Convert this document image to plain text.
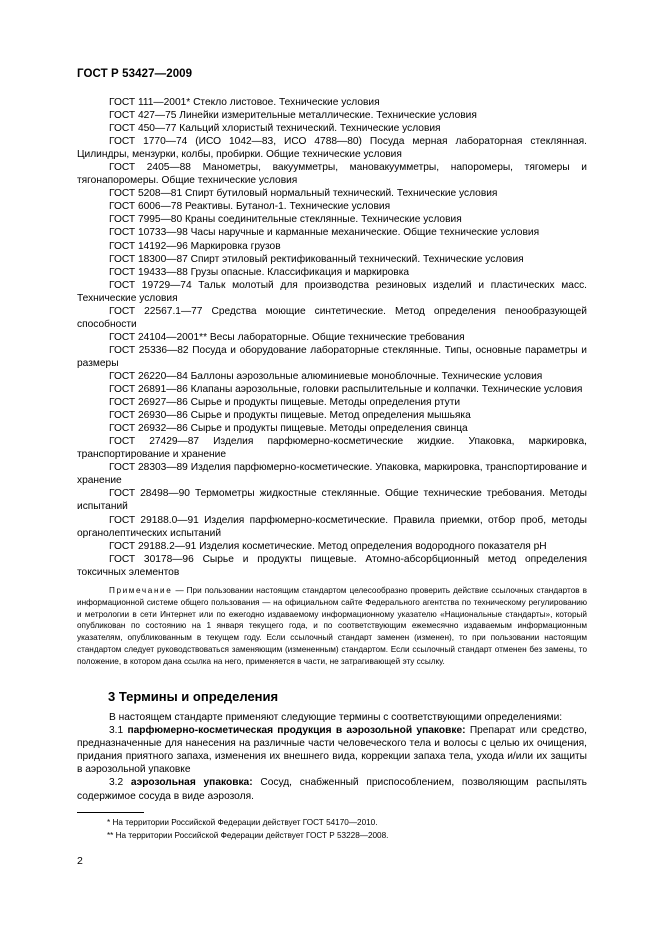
ГОСТ Р 53427—2009

ГОСТ 111—2001* Стекло листовое. Технические условия

ГОСТ 427—75 Линейки измерительные металлические. Технические условия

ГОСТ 450—77 Кальций хлористый технический. Технические условия

ГОСТ 1770—74 (ИСО 1042—83, ИСО 4788—80) Посуда мерная лабораторная стеклянная. Цилиндры, мензурки, колбы, пробирки. Общие технические условия

ГОСТ 2405—88 Манометры, вакуумметры, мановакуумметры, напоромеры, тягомеры и тягонапоромеры. Общие технические условия

ГОСТ 5208—81 Спирт бутиловый нормальный технический. Технические условия

ГОСТ 6006—78 Реактивы. Бутанол-1. Технические условия

ГОСТ 7995—80 Краны соединительные стеклянные. Технические условия

ГОСТ 10733—98 Часы наручные и карманные механические. Общие технические условия

ГОСТ 14192—96 Маркировка грузов

ГОСТ 18300—87 Спирт этиловый ректификованный технический. Технические условия

ГОСТ 19433—88 Грузы опасные. Классификация и маркировка

ГОСТ 19729—74 Тальк молотый для производства резиновых изделий и пластических масс. Технические условия

ГОСТ 22567.1—77 Средства моющие синтетические. Метод определения пенообразующей способности

ГОСТ 24104—2001** Весы лабораторные. Общие технические требования

ГОСТ 25336—82 Посуда и оборудование лабораторные стеклянные. Типы, основные параметры и размеры

ГОСТ 26220—84 Баллоны аэрозольные алюминиевые моноблочные. Технические условия

ГОСТ 26891—86 Клапаны аэрозольные, головки распылительные и колпачки. Технические условия

ГОСТ 26927—86 Сырье и продукты пищевые. Методы определения ртути

ГОСТ 26930—86 Сырье и продукты пищевые. Метод определения мышьяка

ГОСТ 26932—86 Сырье и продукты пищевые. Методы определения свинца

ГОСТ 27429—87 Изделия парфюмерно-косметические жидкие. Упаковка, маркировка, транспортирование и хранение

ГОСТ 28303—89 Изделия парфюмерно-косметические. Упаковка, маркировка, транспортирование и хранение

ГОСТ 28498—90 Термометры жидкостные стеклянные. Общие технические требования. Методы испытаний

ГОСТ 29188.0—91 Изделия парфюмерно-косметические. Правила приемки, отбор проб, методы органолептических испытаний

ГОСТ 29188.2—91 Изделия косметические. Метод определения водородного показателя рН

ГОСТ 30178—96 Сырье и продукты пищевые. Атомно-абсорбционный метод определения токсичных элементов

Примечание — При пользовании настоящим стандартом целесообразно проверить действие ссылочных стандартов в информационной системе общего пользования — на официальном сайте Федерального агентства по техническому регулированию и метрологии в сети Интернет или по ежегодно издаваемому информационному указателю «Национальные стандарты», который опубликован по состоянию на 1 января текущего года, и по соответствующим ежемесячно издаваемым информационным указателям, опубликованным в текущем году. Если ссылочный стандарт заменен (изменен), то при пользовании настоящим стандартом следует руководствоваться заменяющим (измененным) стандартом. Если ссылочный стандарт отменен без замены, то положение, в котором дана ссылка на него, применяется в части, не затрагивающей эту ссылку.

3 Термины и определения

В настоящем стандарте применяют следующие термины с соответствующими определениями:

3.1 парфюмерно-косметическая продукция в аэрозольной упаковке: Препарат или средство, предназначенные для нанесения на различные части человеческого тела и волосы с целью их очищения, придания приятного запаха, изменения их внешнего вида, коррекции запаха тела, ухода и/или их защиты в аэрозольной упаковке

3.2 аэрозольная упаковка: Сосуд, снабженный приспособлением, позволяющим распылять содержимое сосуда в виде аэрозоля.

* На территории Российской Федерации действует ГОСТ 54170—2010.

** На территории Российской Федерации действует ГОСТ Р 53228—2008.

2
